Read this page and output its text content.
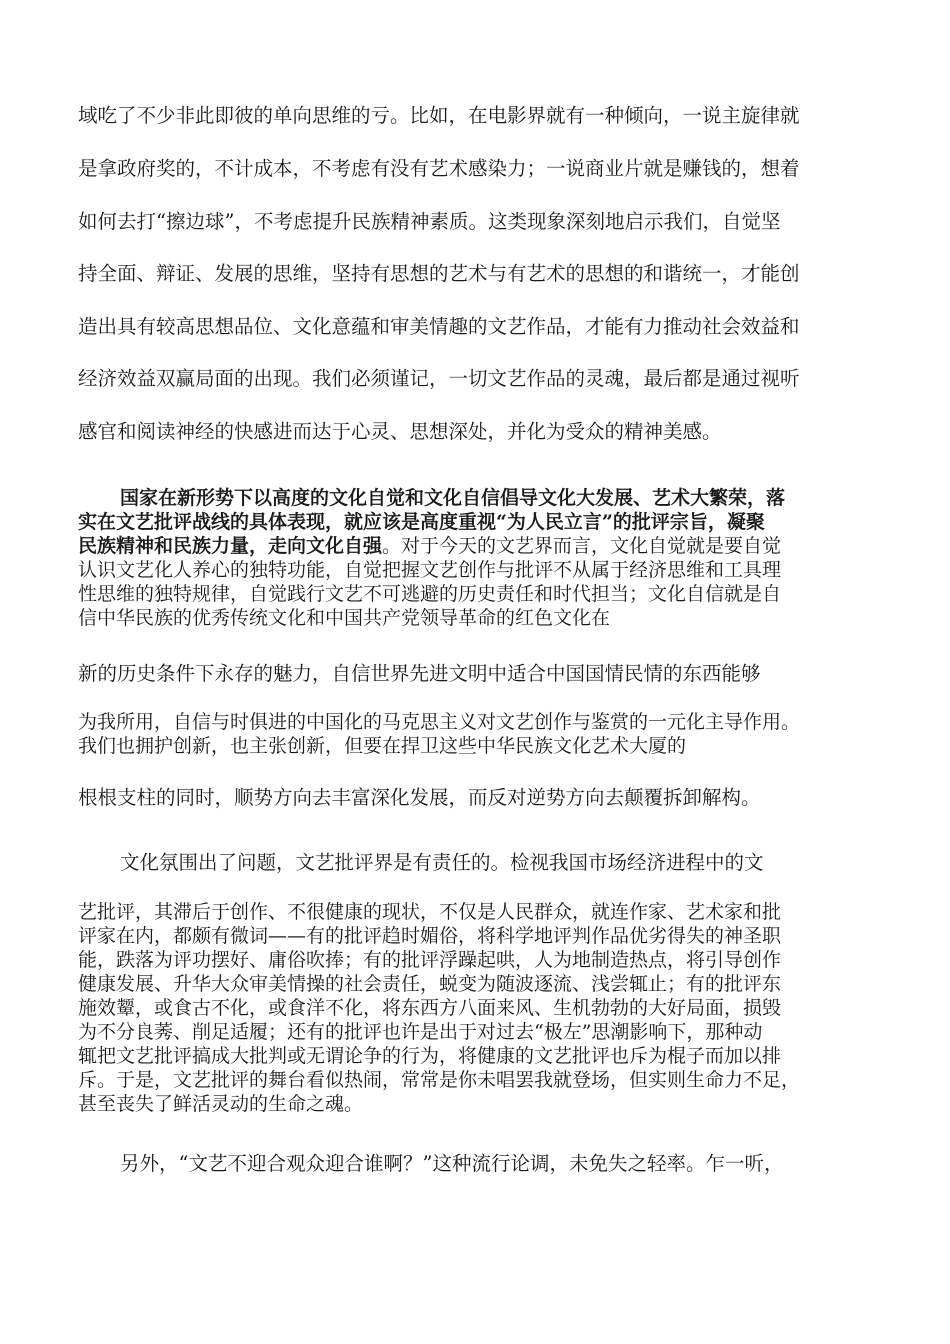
域吃了不少非此即彼的单向思维的亏。比如，在电影界就有一种倾向，一说主旋律就
是拿政府奖的，不计成本，不考虑有没有艺术感染力；一说商业片就是赚钱的，想着
如何去打“擦边球”，不考虑提升民族精神素质。这类现象深刻地启示我们，自觉坚
持全面、辩证、发展的思维，坚持有思想的艺术与有艺术的思想的和谐统一，才能创
造出具有较高思想品位、文化意蕴和审美情趣的文艺作品，才能有力推动社会效益和
经济效益双赢局面的出现。我们必须谨记，一切文艺作品的灵魂，最后都是通过视听
感官和阅读神经的快感进而达于心灵、思想深处，并化为受众的精神美感。
国家在新形势下以高度的文化自觉和文化自信倡导文化大发展、艺术大繁荣，落
实在文艺批评战线的具体表现，就应该是高度重视“为人民立言”的批评宗旨，凝聚
民族精神和民族力量，走向文化自强。对于今天的文艺界而言，文化自觉就是要自觉
认识文艺化人养心的独特功能，自觉把握文艺创作与批评不从属于经济思维和工具理
性思维的独特规律，自觉践行文艺不可逃避的历史责任和时代担当；文化自信就是自
信中华民族的优秀传统文化和中国共产党领导革命的红色文化在
新的历史条件下永存的魅力，自信世界先进文明中适合中国国情民情的东西能够
为我所用，自信与时俱进的中国化的马克思主义对文艺创作与鉴赏的一元化主导作用。
我们也拥护创新，也主张创新，但要在捍卫这些中华民族文化艺术大厦的
根根支柱的同时，顺势方向去丰富深化发展，而反对逆势方向去颠覆拆卸解构。
文化氛围出了问题，文艺批评界是有责任的。检视我国市场经济进程中的文
艺批评，其滞后于创作、不很健康的现状，不仅是人民群众，就连作家、艺术家和批
评家在内，都颇有微词——有的批评趋时媚俗，将科学地评判作品优劣得失的神圣职
能，跌落为评功摆好、庸俗吹捧；有的批评浮躁起哄，人为地制造热点，将引导创作
健康发展、升华大众审美情操的社会责任，蜕变为随波逐流、浅尝辄止；有的批评东
施效颦，或食古不化，或食洋不化，将东西方八面来风、生机勃勃的大好局面，损毁
为不分良莠、削足适履；还有的批评也许是出于对过去“极左”思潮影响下，那种动
辄把文艺批评搞成大批判或无谓论争的行为，将健康的文艺批评也斥为棍子而加以排
斥。于是，文艺批评的舞台看似热闹，常常是你未唱罢我就登场，但实则生命力不足，
甚至丧失了鲜活灵动的生命之魂。
另外，“文艺不迎合观众迎合谁啊？”这种流行论调，未免失之轻率。乍一听，
